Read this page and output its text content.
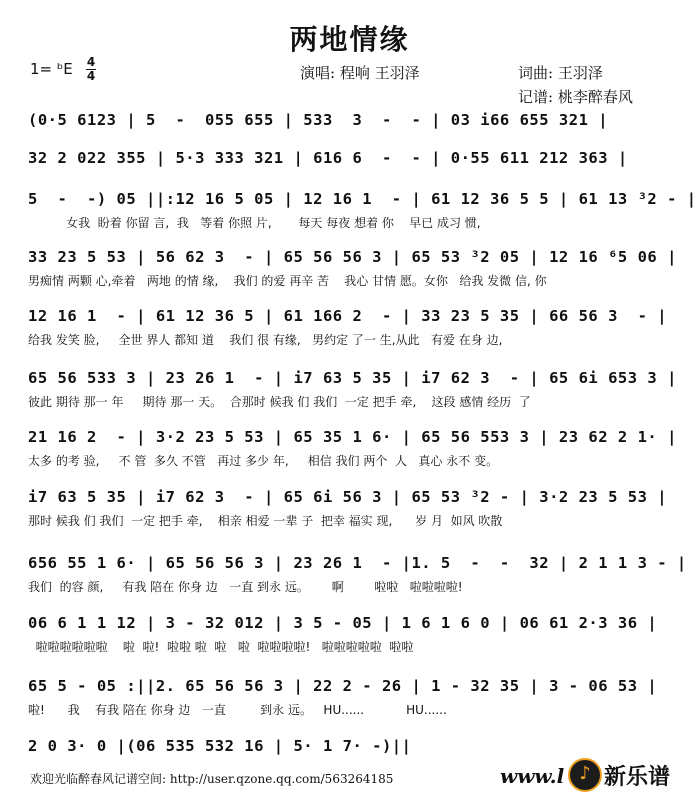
两地情缘
1= ᵇE 4
4	演唱: 程响 王羽泽	词曲: 王羽泽
记谱: 桃李醉春风
(0·5 6123 | 5  -  055 655 | 533  3  -  - | 03 i66 655 321 |
32 2 022 355 | 5·3 333 321 | 616 6  -  - | 0·55 611 212 363 |
5  -  -) 05 ||:12 16 5 05 | 12 16 1  - | 61 12 36 5 5 | 61 13 ³2 - |
女我  盼着 你留 言,  我   等着 你照 片,       每天 每夜 想着 你    早已 成习 惯,
33 23 5 53 | 56 62 3  - | 65 56 56 3 | 65 53 ³2 05 | 12 16 ⁶5 06 |
男痴情 两颗 心,牵着   两地 的情 缘,    我们 的爱 再辛 苦    我心 甘情 愿。女你   给我 发微 信, 你
12 16 1  - | 61 12 36 5 | 61 166 2  - | 33 23 5 35 | 66 56 3  - |
给我 发笑 脸,     全世 界人 都知 道    我们 很 有缘,   男约定 了一 生,从此   有爱 在身 边,
65 56 533 3 | 23 26 1  - | i7 63 5 35 | i7 62 3  - | 65 6i 653 3 |
彼此 期待 那一 年     期待 那一 天。  合那时 候我 们 我们  一定 把手 牵,    这段 感情 经历  了
21 16 2  - | 3·2 23 5 53 | 65 35 1 6· | 65 56 553 3 | 23 62 2 1· |
太多 的考 验,     不 管  多久 不管   再过 多少 年,     相信 我们 两个  人   真心 永不 变。
i7 63 5 35 | i7 62 3  - | 65 6i 56 3 | 65 53 ³2 - | 3·2 23 5 53 |
那时 候我 们 我们  一定 把手 牵,    相亲 相爱 一辈 子  把幸 福实 现,      岁 月  如风 吹散
656 55 1 6· | 65 56 56 3 | 23 26 1  - |1. 5  -  -  32 | 2 1 1 3 - |
我们  的容 颜,     有我 陪在 你身 边   一直 到永 远。      啊        啦啦   啦啦啦啦!
06 6 1 1 12 | 3 - 32 012 | 3 5 - 05 | 1 6 1 6 0 | 06 61 2·3 36 |
啦啦啦啦啦啦    啦  啦!  啦啦 啦  啦   啦  啦啦啦啦!   啦啦啦啦啦  啦啦
65 5 - 05 :||2. 65 56 56 3 | 22 2 - 26 | 1 - 32 35 | 3 - 06 53 |
啦!      我    有我 陪在 你身 边   一直         到永 远。   HU......           HU......
2 0 3· 0 |(06 535 532 16 | 5· 1 7· -)||
欢迎光临醉春风记谱空间: http://user.qzone.qq.com/563264185	www.l ♪ 新乐谱
